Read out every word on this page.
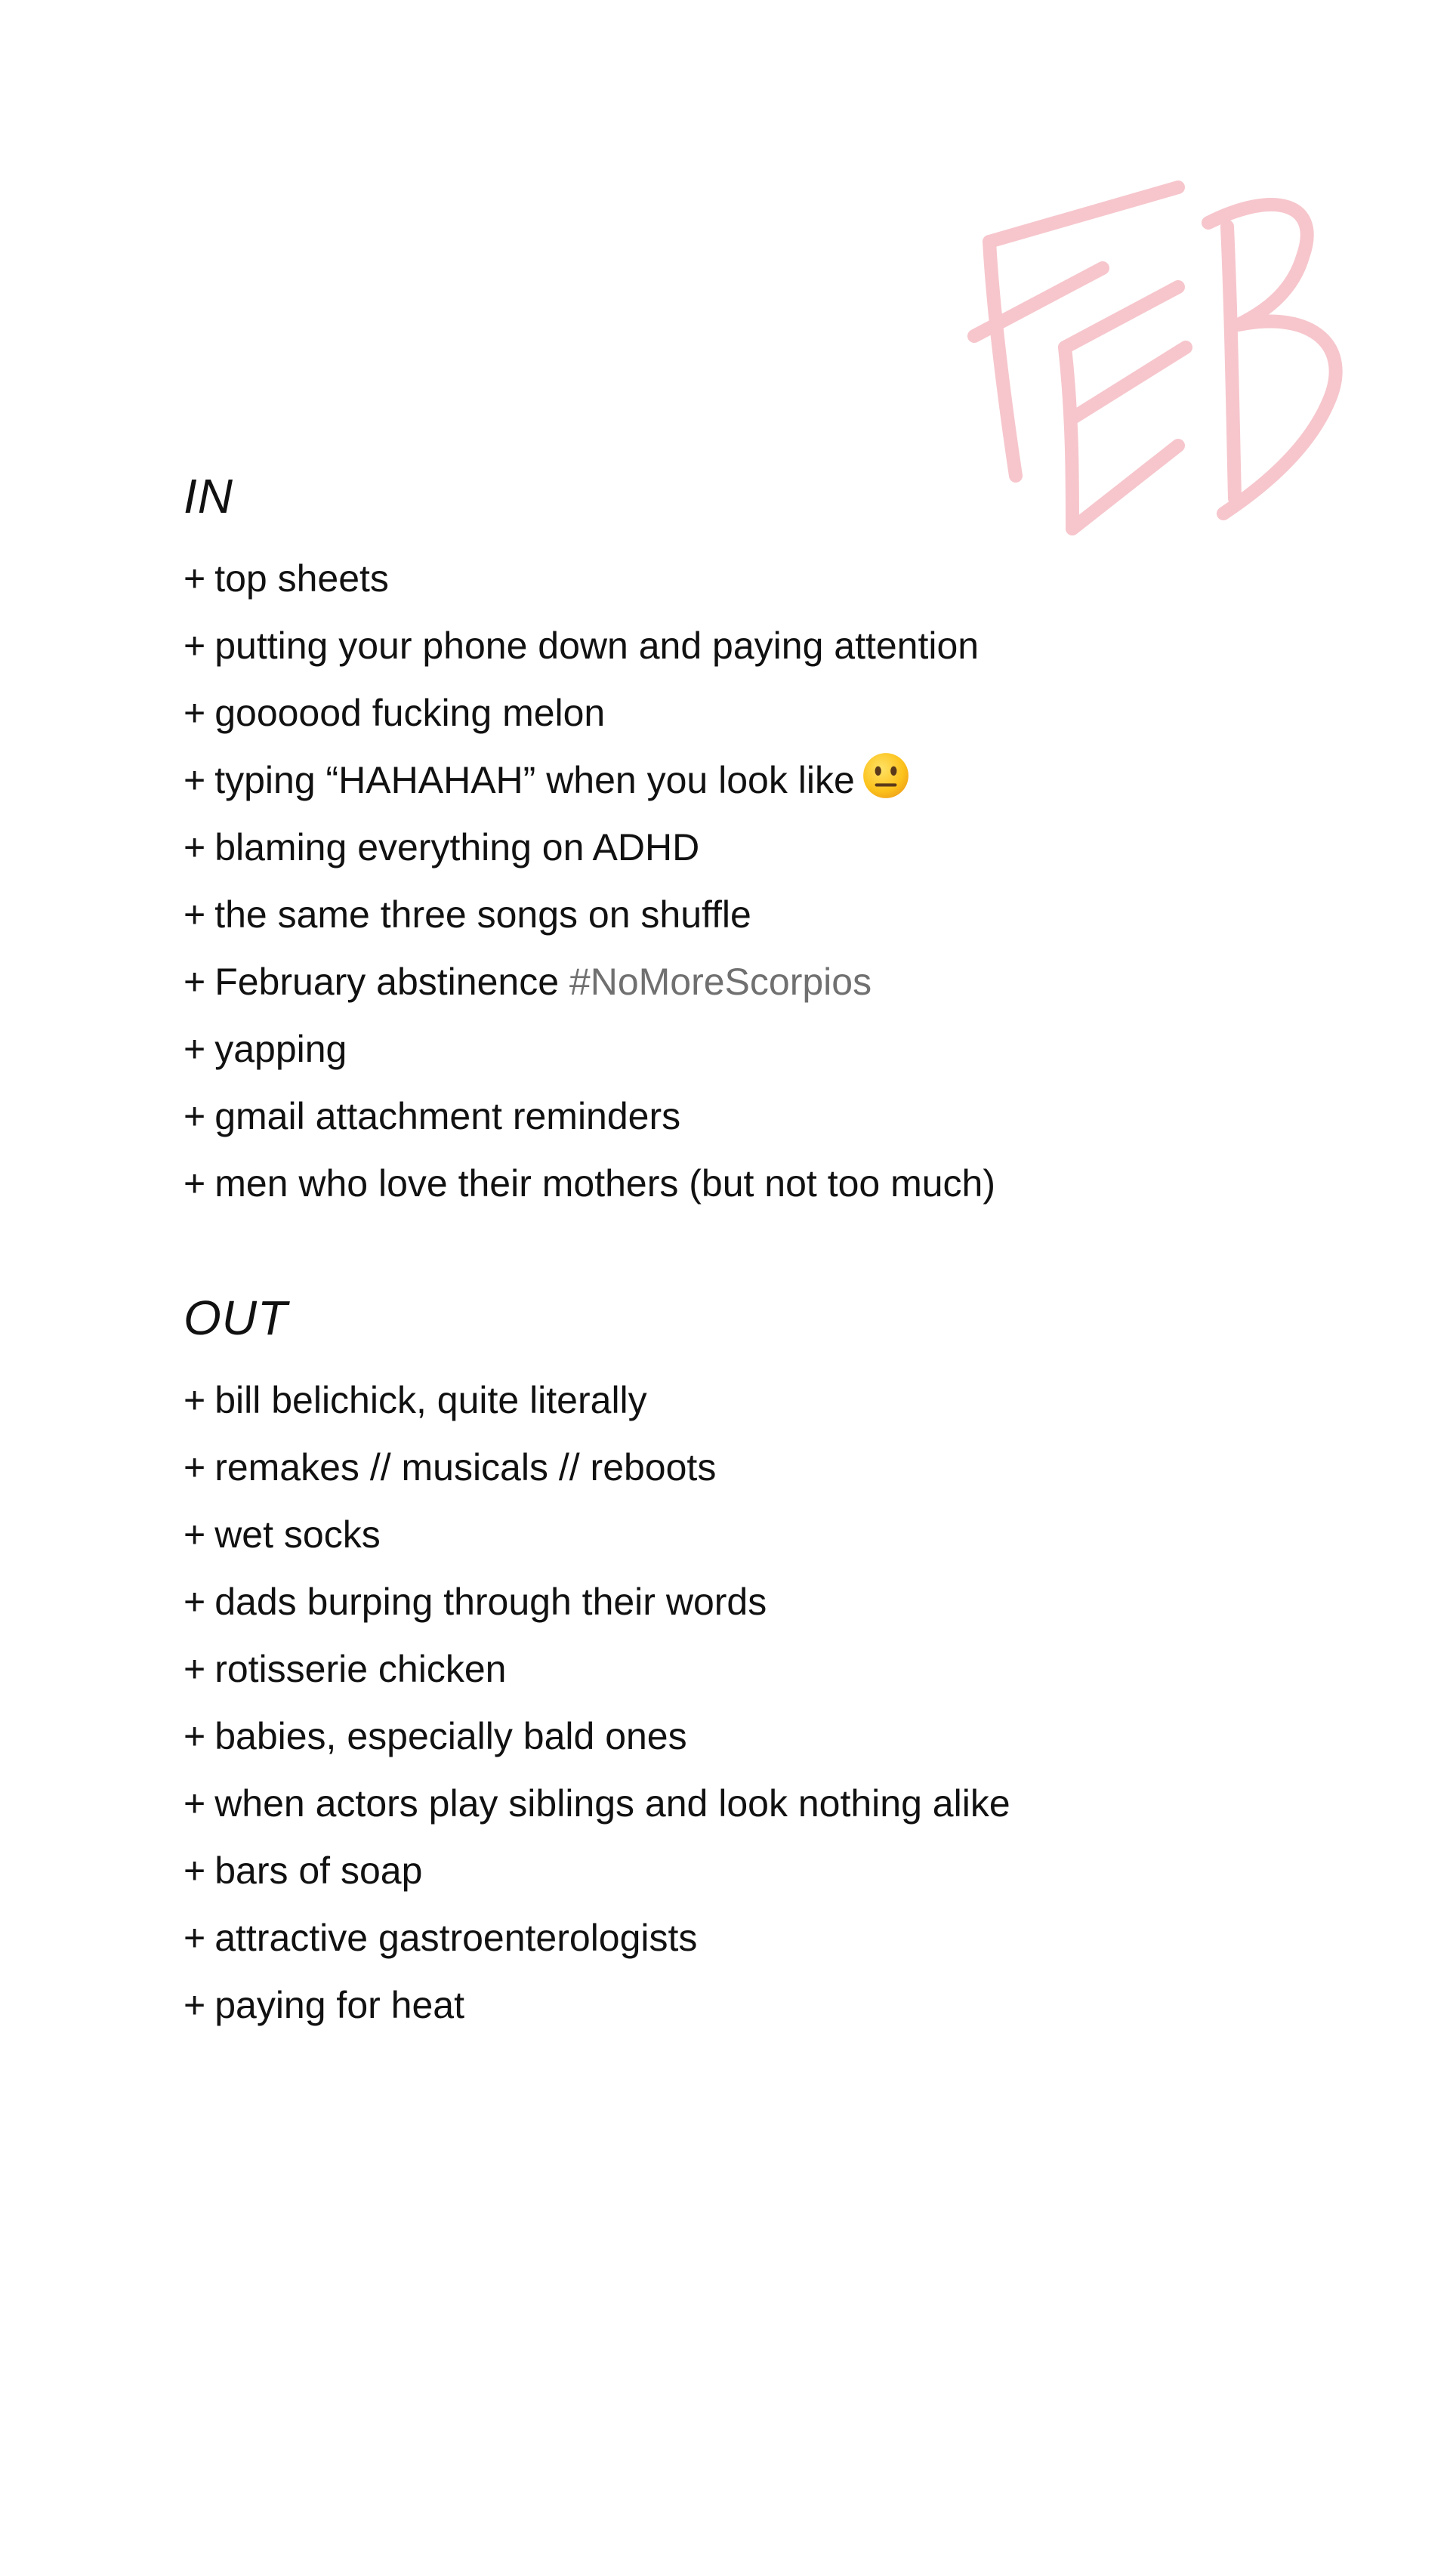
IN
+ top sheets
+ putting your phone down and paying attention
+ goooood fucking melon
+ typing “HAHAHAH” when you look like
+ blaming everything on ADHD
+ the same three songs on shuffle
+ February abstinence #NoMoreScorpios
+ yapping
+ gmail attachment reminders
+ men who love their mothers (but not too much)
OUT
+ bill belichick, quite literally
+ remakes // musicals // reboots
+ wet socks
+ dads burping through their words
+ rotisserie chicken
+ babies, especially bald ones
+ when actors play siblings and look nothing alike
+ bars of soap
+ attractive gastroenterologists
+ paying for heat
